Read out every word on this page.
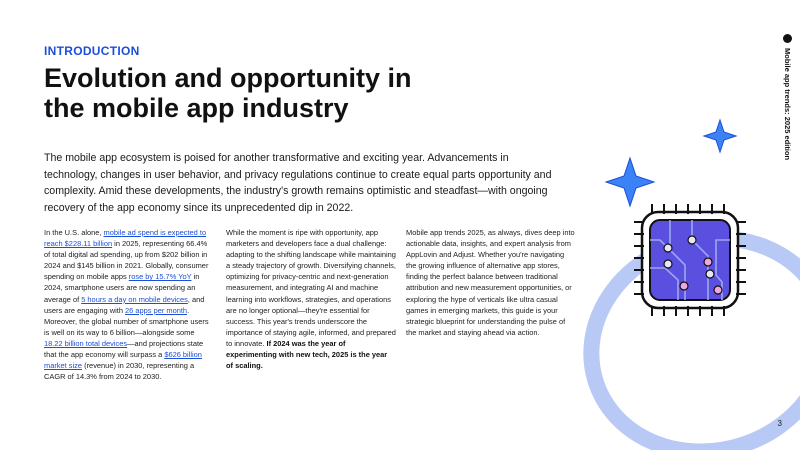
INTRODUCTION
Evolution and opportunity in the mobile app industry

The mobile app ecosystem is poised for another transformative and exciting year. Advancements in technology, changes in user behavior, and privacy regulations continue to create equal parts opportunity and complexity. Amid these developments, the industry's growth remains optimistic and steadfast—with ongoing recovery of the app economy since its unprecedented dip in 2022.

In the U.S. alone, mobile ad spend is expected to reach $228.11 billion in 2025, representing 66.4% of total digital ad spending, up from $202 billion in 2024 and $145 billion in 2021. Globally, consumer spending on mobile apps rose by 15.7% YoY in 2024, smartphone users are now spending an average of 5 hours a day on mobile devices, and users are engaging with 26 apps per month. Moreover, the global number of smartphone users is well on its way to 6 billion—alongside some 18.22 billion total devices—and projections state that the app economy will surpass a $626 billion market size (revenue) in 2030, representing a CAGR of 14.3% from 2024 to 2030.

While the moment is ripe with opportunity, app marketers and developers face a dual challenge: adapting to the shifting landscape while maintaining a steady trajectory of growth. Diversifying channels, optimizing for privacy-centric and next-generation measurement, and integrating AI and machine learning into workflows, strategies, and operations are no longer optional—they're essential for success. This year's trends underscore the importance of staying agile, informed, and prepared to innovate. If 2024 was the year of experimenting with new tech, 2025 is the year of scaling.

Mobile app trends 2025, as always, dives deep into actionable data, insights, and expert analysis from AppLovin and Adjust. Whether you're navigating the growing influence of alternative app stores, finding the perfect balance between traditional attribution and new measurement opportunities, or exploring the hype of verticals like ultra casual games in emerging markets, this guide is your strategic blueprint for understanding the pulse of the market and staying ahead via action.

Mobile app trends: 2025 edition
3
